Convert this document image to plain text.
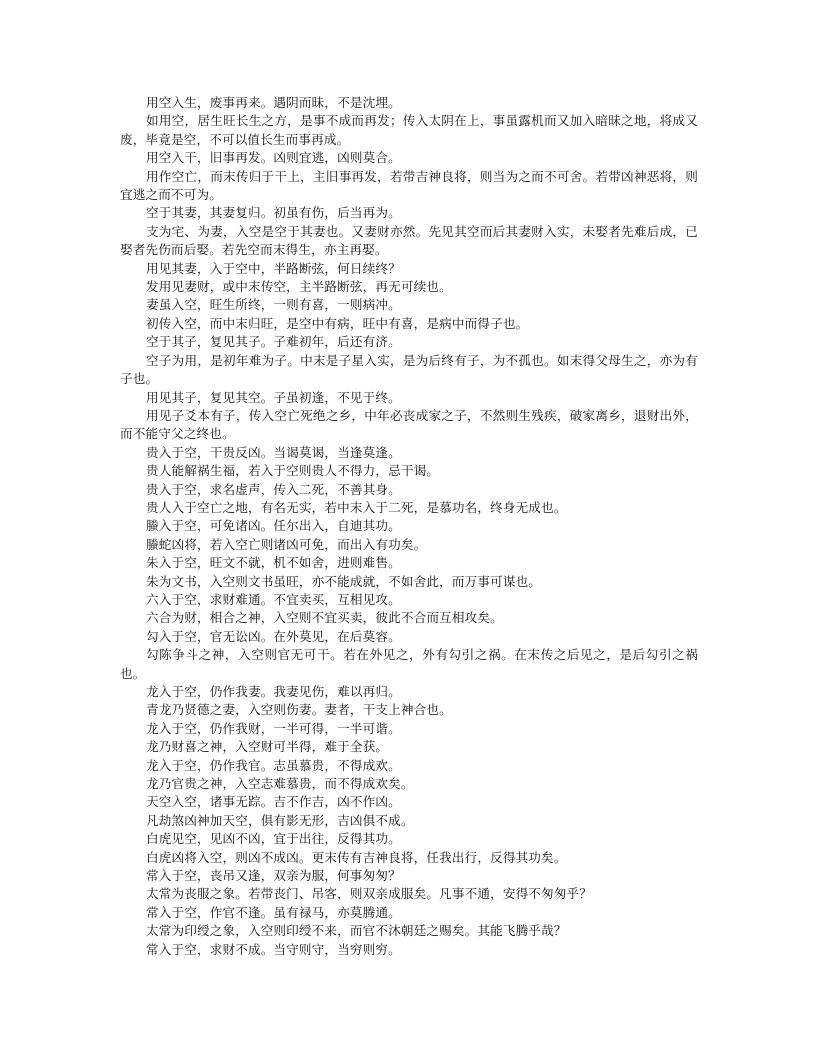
用空入生，废事再来。遇阴而昧，不是沈埋。

如用空，居生旺长生之方，是事不成而再发；传入太阴在上，事虽露机而又加入暗昧之地，将成又废，毕竟是空，不可以值长生而事再成。

用空入干，旧事再发。凶则宜逃，凶则莫合。

用作空亡，而末传归于干上，主旧事再发，若带吉神良将，则当为之而不可舍。若带凶神恶将，则宜逃之而不可为。

空于其妻，其妻复归。初虽有伤，后当再为。

支为宅、为妻，入空是空于其妻也。又妻财亦然。先见其空而后其妻财入实，未娶者先难后成，已娶者先伤而后娶。若先空而末得生，亦主再娶。

用见其妻，入于空中，半路断弦，何日续终？

发用见妻财，或中末传空，主半路断弦，再无可续也。

妻虽入空，旺生所终，一则有喜，一则病冲。

初传入空，而中末归旺，是空中有病，旺中有喜，是病中而得子也。

空于其子，复见其子。子难初年，后还有济。

空子为用，是初年难为子。中末是子星入实，是为后终有子，为不孤也。如末得父母生之，亦为有子也。

用见其子，复见其空。子虽初逢，不见于终。

用见子爻本有子，传入空亡死绝之乡，中年必丧成家之子，不然则生残疾，破家离乡，退财出外，而不能守父之终也。

贵入于空，干贵反凶。当谒莫谒，当逢莫逢。

贵人能解祸生福，若入于空则贵人不得力，忌干谒。

贵入于空，求名虚声，传入二死，不善其身。

贵人入于空亡之地，有名无实，若中末入于二死，是慕功名，终身无成也。

螣入于空，可免诸凶。任尔出入，自迪其功。

螣蛇凶将，若入空亡则诸凶可免，而出入有功矣。

朱入于空，旺文不就，机不如舍，进则难售。

朱为文书，入空则文书虽旺，亦不能成就，不如舍此，而万事可谋也。

六入于空，求财难通。不宜卖买，互相见攻。

六合为财，相合之神，入空则不宜买卖，彼此不合而互相攻矣。

勾入于空，官无讼凶。在外莫见，在后莫容。

勾陈争斗之神，入空则官无可干。若在外见之，外有勾引之祸。在末传之后见之，是后勾引之祸也。

龙入于空，仍作我妻。我妻见伤，难以再归。

青龙乃贤德之妻，入空则伤妻。妻者，干支上神合也。

龙入于空，仍作我财，一半可得，一半可谐。

龙乃财喜之神，入空财可半得，难于全获。

龙入于空，仍作我官。志虽慕贵，不得成欢。

龙乃官贵之神，入空志难慕贵，而不得成欢矣。

天空入空，诸事无踪。吉不作吉，凶不作凶。

凡劫煞凶神加天空，俱有影无形，吉凶俱不成。

白虎见空，见凶不凶，宜于出往，反得其功。

白虎凶将入空，则凶不成凶。更末传有吉神良将，任我出行，反得其功矣。

常入于空，丧吊又逢，双亲为服，何事匆匆？

太常为丧服之象。若带丧门、吊客，则双亲成服矣。凡事不通，安得不匆匆乎？

常入于空，作官不逢。虽有禄马，亦莫腾通。

太常为印绶之象，入空则印绶不来，而官不沐朝廷之赐矣。其能飞腾乎哉？

常入于空，求财不成。当守则守，当穷则穷。
